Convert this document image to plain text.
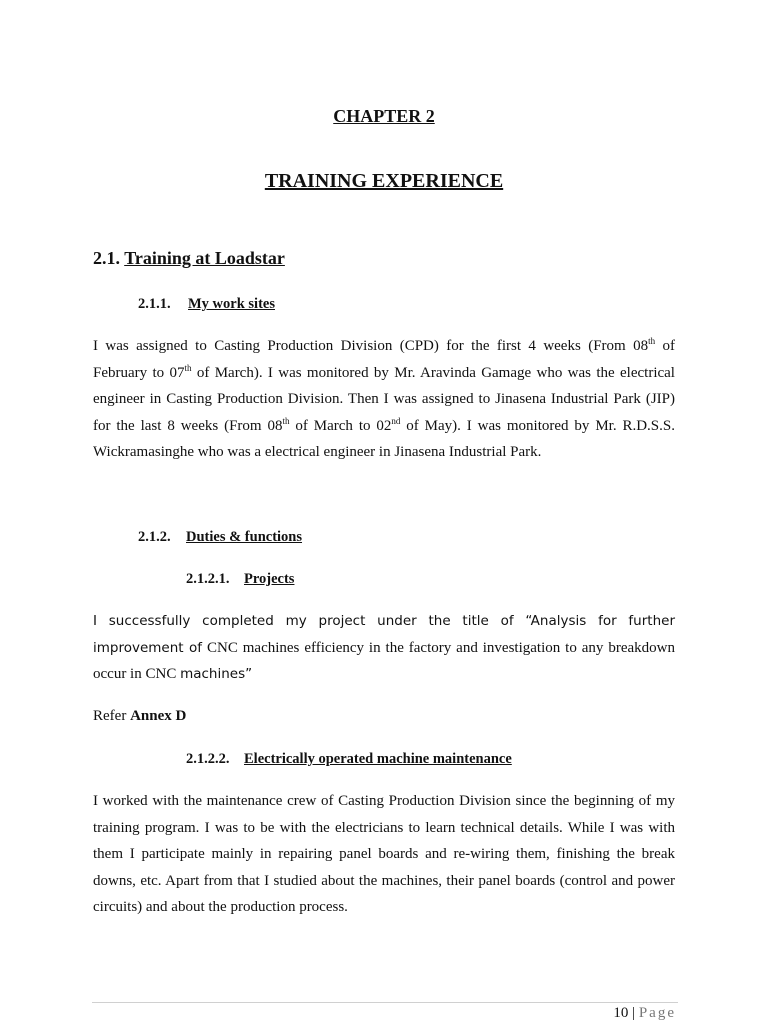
CHAPTER 2
TRAINING EXPERIENCE
2.1. Training at Loadstar
2.1.1. My work sites
I was assigned to Casting Production Division (CPD) for the first 4 weeks (From 08th of February to 07th of March). I was monitored by Mr. Aravinda Gamage who was the electrical engineer in Casting Production Division. Then I was assigned to Jinasena Industrial Park (JIP) for the last 8 weeks (From 08th of March to 02nd of May). I was monitored by Mr. R.D.S.S. Wickramasinghe who was a electrical engineer in Jinasena Industrial Park.
2.1.2. Duties & functions
2.1.2.1. Projects
I successfully completed my project under the title of “Analysis for further improvement of CNC machines efficiency in the factory and investigation to any breakdown occur in CNC machines”
Refer Annex D
2.1.2.2. Electrically operated machine maintenance
I worked with the maintenance crew of Casting Production Division since the beginning of my training program. I was to be with the electricians to learn technical details. While I was with them I participate mainly in repairing panel boards and re-wiring them, finishing the break downs, etc. Apart from that I studied about the machines, their panel boards (control and power circuits) and about the production process.
10 | Page
